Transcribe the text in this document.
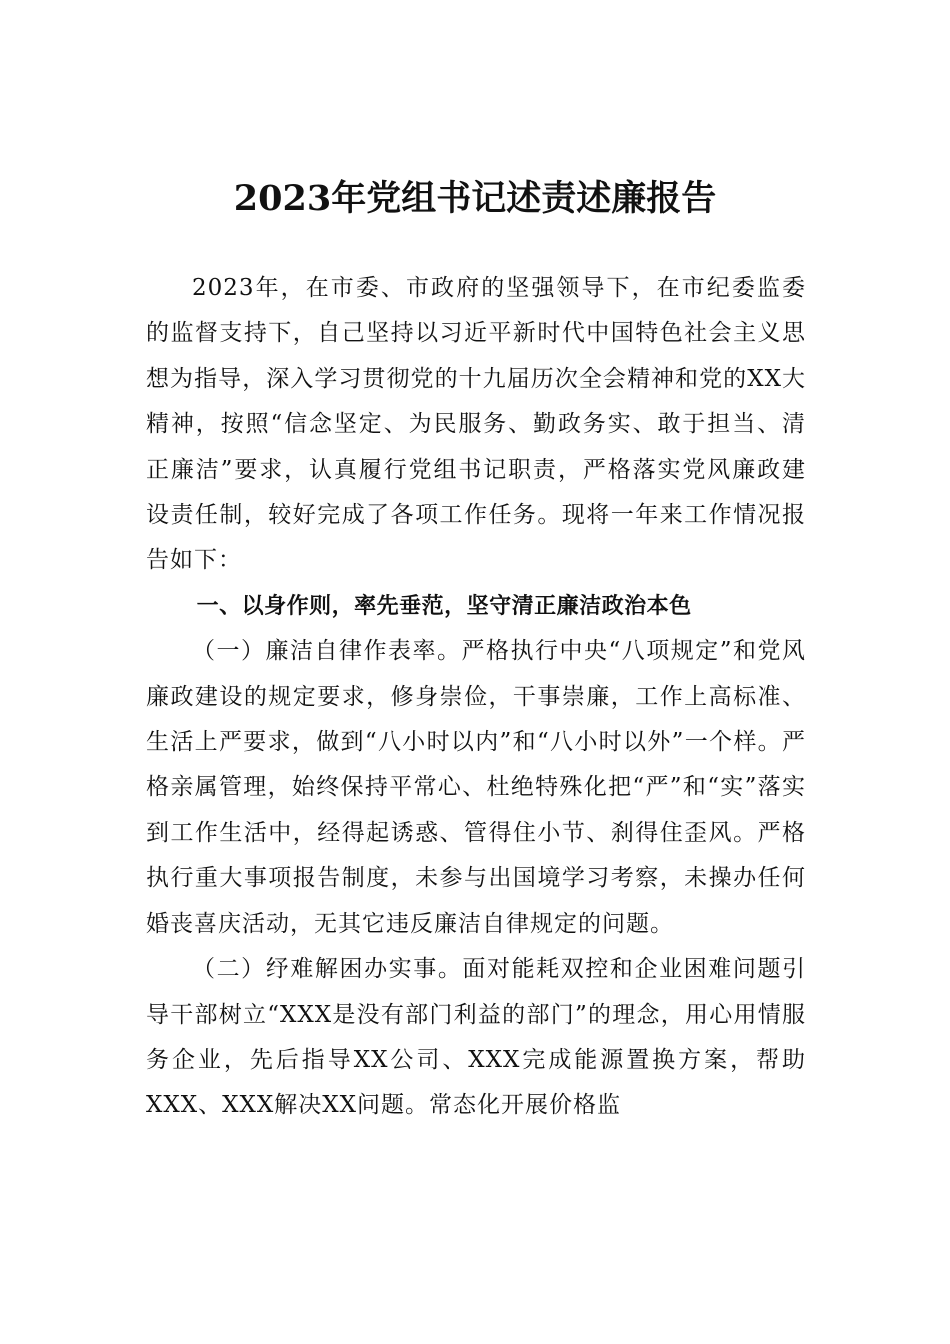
2023年党组书记述责述廉报告

2023年，在市委、市政府的坚强领导下，在市纪委监委的监督支持下，自己坚持以习近平新时代中国特色社会主义思想为指导，深入学习贯彻党的十九届历次全会精神和党的XX大精神，按照“信念坚定、为民服务、勤政务实、敢于担当、清正廉洁”要求，认真履行党组书记职责，严格落实党风廉政建设责任制，较好完成了各项工作任务。现将一年来工作情况报告如下：

一、以身作则，率先垂范，坚守清正廉洁政治本色

（一）廉洁自律作表率。严格执行中央“八项规定”和党风廉政建设的规定要求，修身崇俭，干事崇廉，工作上高标准、生活上严要求，做到“八小时以内”和“八小时以外”一个样。严格亲属管理，始终保持平常心、杜绝特殊化把“严”和“实”落实到工作生活中，经得起诱惑、管得住小节、刹得住歪风。严格执行重大事项报告制度，未参与出国境学习考察，未操办任何婚丧喜庆活动，无其它违反廉洁自律规定的问题。

（二）纾难解困办实事。面对能耗双控和企业困难问题引导干部树立“XXX是没有部门利益的部门”的理念，用心用情服务企业，先后指导XX公司、XXX完成能源置换方案，帮助XXX、XXX解决XX问题。常态化开展价格监
